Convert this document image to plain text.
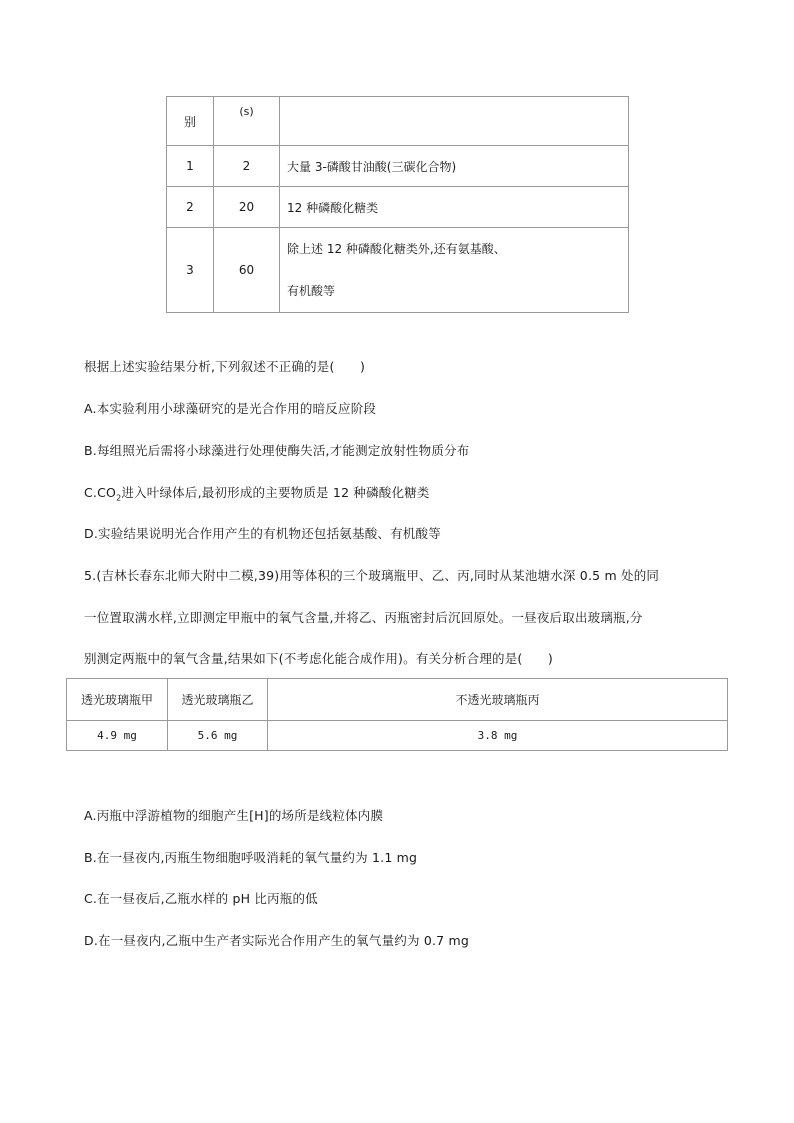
别	(s)	
1	2	大量 3-磷酸甘油酸(三碳化合物)
2	20	12 种磷酸化糖类
3	60	除上述 12 种磷酸化糖类外,还有氨基酸、
有机酸等
根据上述实验结果分析,下列叙述不正确的是(　　)
A.本实验利用小球藻研究的是光合作用的暗反应阶段
B.每组照光后需将小球藻进行处理使酶失活,才能测定放射性物质分布
$C.CO_2$进入叶绿体后,最初形成的主要物质是 12 种磷酸化糖类
D.实验结果说明光合作用产生的有机物还包括氨基酸、有机酸等
5.(吉林长春东北师大附中二模,39)用等体积的三个玻璃瓶甲、乙、丙,同时从某池塘水深 0.5 m 处的同
一位置取满水样,立即测定甲瓶中的氧气含量,并将乙、丙瓶密封后沉回原处。一昼夜后取出玻璃瓶,分
别测定两瓶中的氧气含量,结果如下(不考虑化能合成作用)。有关分析合理的是(　　)
透光玻璃瓶甲	透光玻璃瓶乙	不透光玻璃瓶丙
4.9 mg	5.6 mg	3.8 mg
A.丙瓶中浮游植物的细胞产生[H]的场所是线粒体内膜
B.在一昼夜内,丙瓶生物细胞呼吸消耗的氧气量约为 1.1 mg
C.在一昼夜后,乙瓶水样的 pH 比丙瓶的低
D.在一昼夜内,乙瓶中生产者实际光合作用产生的氧气量约为 0.7 mg
